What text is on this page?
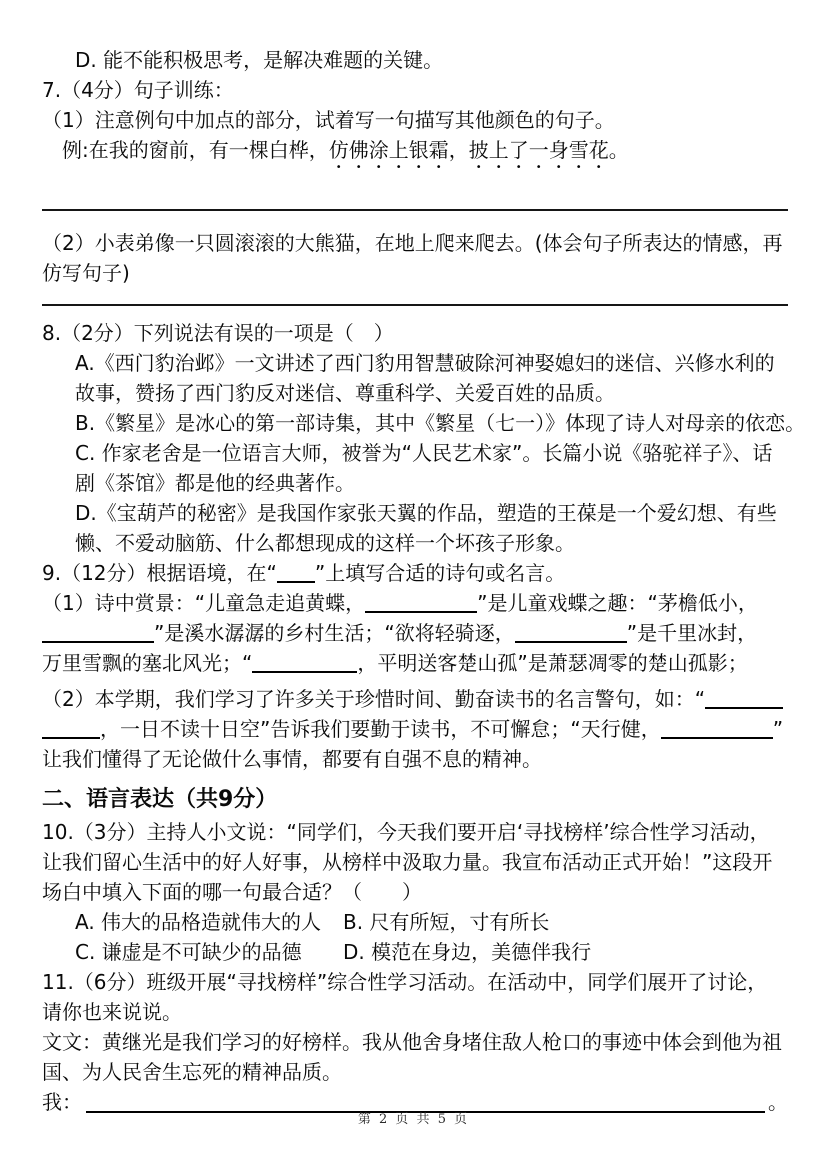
D. 能不能积极思考，是解决难题的关键。
7.（4分）句子训练：
（1）注意例句中加点的部分，试着写一句描写其他颜色的句子。
例:在我的窗前，有一棵白桦，仿佛涂上银霜，披上了一身雪花。
（2）小表弟像一只圆滚滚的大熊猫，在地上爬来爬去。(体会句子所表达的情感，再
仿写句子)
8.（2分）下列说法有误的一项是（　）
A.《西门豹治邺》一文讲述了西门豹用智慧破除河神娶媳妇的迷信、兴修水利的
故事，赞扬了西门豹反对迷信、尊重科学、关爱百姓的品质。
B.《繁星》是冰心的第一部诗集，其中《繁星（七一）》体现了诗人对母亲的依恋。
C. 作家老舍是一位语言大师，被誉为“人民艺术家”。长篇小说《骆驼祥子》、话
剧《茶馆》都是他的经典著作。
D.《宝葫芦的秘密》是我国作家张天翼的作品，塑造的王葆是一个爱幻想、有些
懒、不爱动脑筋、什么都想现成的这样一个坏孩子形象。
9.（12分）根据语境，在“ ”上填写合适的诗句或名言。
（1）诗中赏景：“儿童急走追黄蝶，	”是儿童戏蝶之趣：“茅檐低小，
”是溪水潺潺的乡村生活；“欲将轻骑逐，	”是千里冰封，
万里雪飘的塞北风光；“	，平明送客楚山孤”是萧瑟凋零的楚山孤影；
（2）本学期，我们学习了许多关于珍惜时间、勤奋读书的名言警句，如：“
，一日不读十日空”告诉我们要勤于读书，不可懈怠；“天行健，	”
让我们懂得了无论做什么事情，都要有自强不息的精神。
二、语言表达（共9分）
10.（3分）主持人小文说：“同学们，今天我们要开启‘寻找榜样’综合性学习活动，
让我们留心生活中的好人好事，从榜样中汲取力量。我宣布活动正式开始！”这段开
场白中填入下面的哪一句最合适？（　　）
A. 伟大的品格造就伟大的人 B. 尺有所短，寸有所长
C. 谦虚是不可缺少的品德 D. 模范在身边，美德伴我行
11.（6分）班级开展“寻找榜样”综合性学习活动。在活动中，同学们展开了讨论，
请你也来说说。
文文：黄继光是我们学习的好榜样。我从他舍身堵住敌人枪口的事迹中体会到他为祖
国、为人民舍生忘死的精神品质。
我：	。
第 2 页 共 5 页
